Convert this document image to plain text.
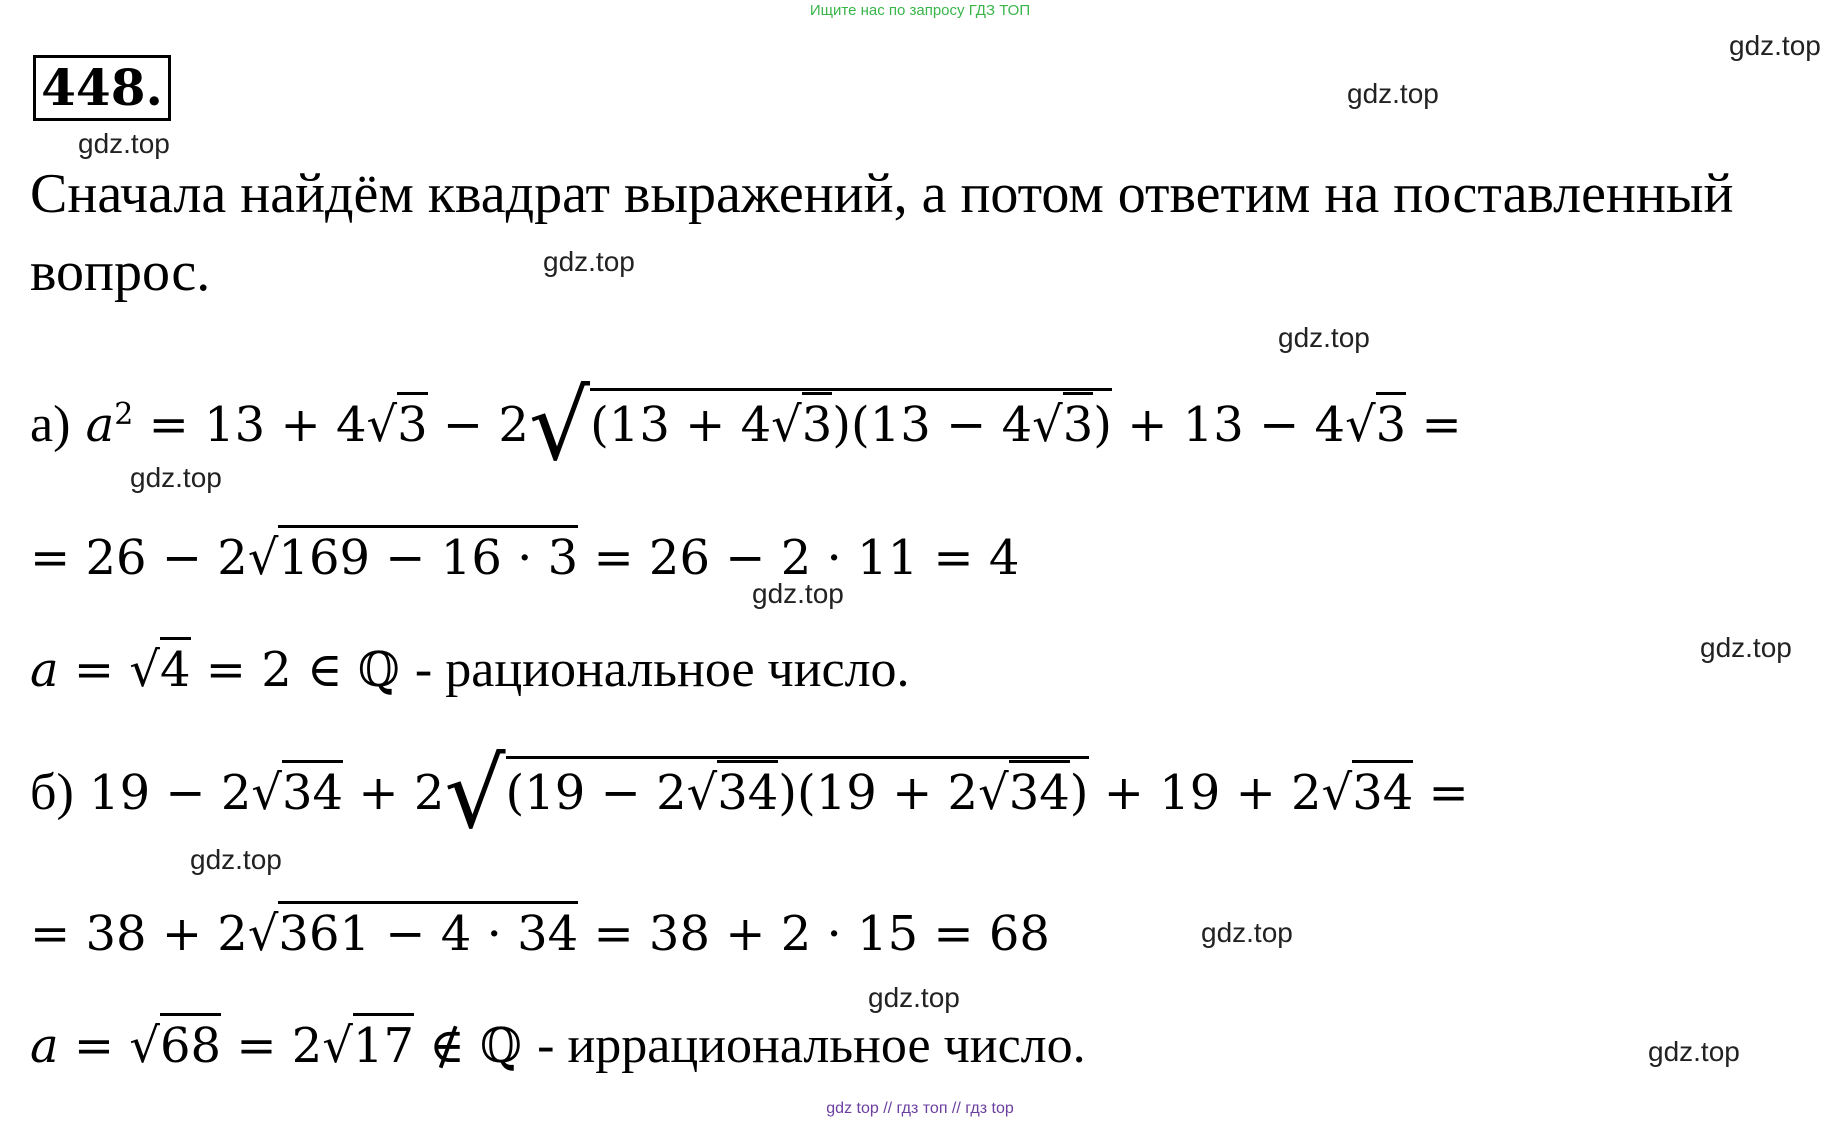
Ищите нас по запросу ГДЗ ТОП
448.
gdz.top
gdz.top
gdz.top
gdz.top
gdz.top
gdz.top
gdz.top
gdz.top
gdz.top
gdz.top
gdz.top
gdz.top
Сначала найдём квадрат выражений, а потом ответим на поставленный вопрос.
а) $a^2 = 13 + 4√3 - 2√(13 + 4√3)(13 - 4√3) + 13 - 4√3$ =
= 26 − 2√169 − 16 · 3 = 26 − 2 · 11 = 4
a = √4 = 2 ∈ ℚ - рациональное число.
б) 19 − 2√34 + 2√(19 − 2√34)(19 + 2√34) + 19 + 2√34 =
= 38 + 2√361 − 4 · 34 = 38 + 2 · 15 = 68
a = √68 = 2√17 ∉ ℚ - иррациональное число.
gdz top // гдз топ // гдз top
